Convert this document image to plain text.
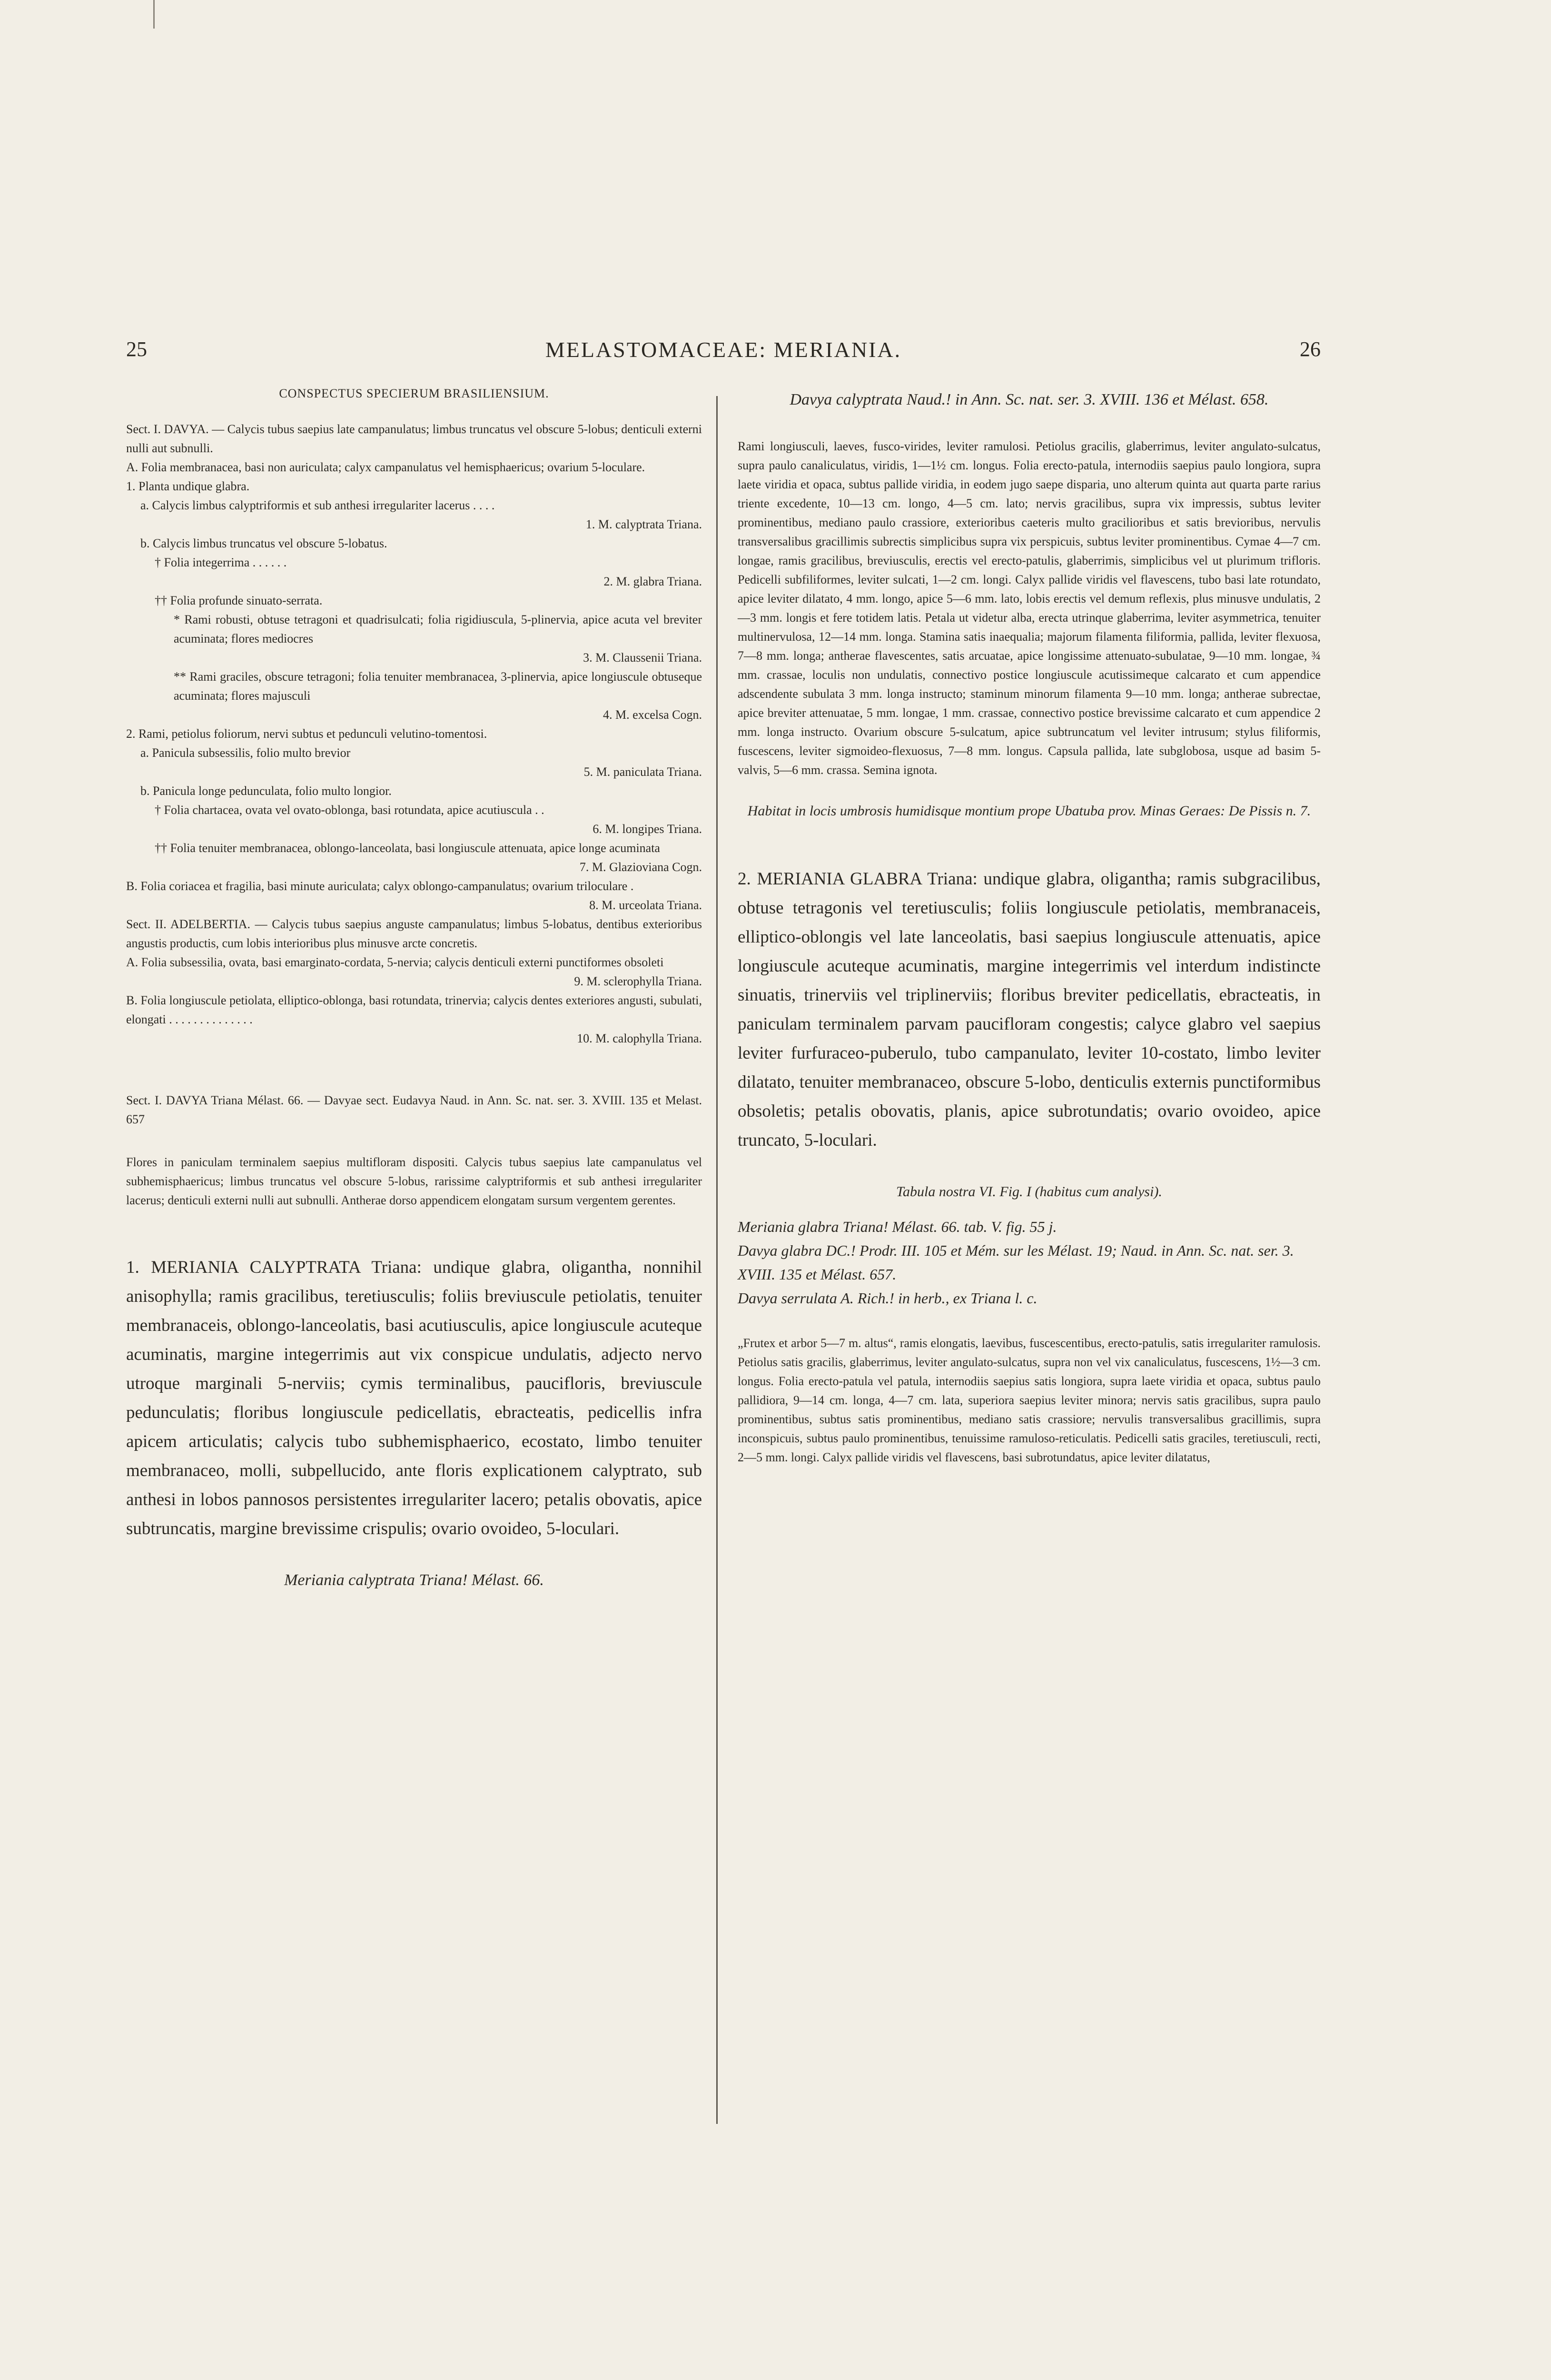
25	MELASTOMACEAE: MERIANIA.	26
CONSPECTUS SPECIERUM BRASILIENSIUM.

Sect. I. DAVYA. — Calycis tubus saepius late campanulatus; limbus truncatus vel obscure 5-lobus; denticuli externi nulli aut subnulli.

A. Folia membranacea, basi non auriculata; calyx campanulatus vel hemisphaericus; ovarium 5-loculare.
1. Planta undique glabra.
a. Calycis limbus calyptriformis et sub anthesi irregulariter lacerus . . . .
1. M. calyptrata Triana.
b. Calycis limbus truncatus vel obscure 5-lobatus.
† Folia integerrima . . . . . .
2. M. glabra Triana.
†† Folia profunde sinuato-serrata.
* Rami robusti, obtuse tetragoni et quadrisulcati; folia rigidiuscula, 5-plinervia, apice acuta vel breviter acuminata; flores mediocres
3. M. Claussenii Triana.
** Rami graciles, obscure tetragoni; folia tenuiter membranacea, 3-plinervia, apice longiuscule obtuseque acuminata; flores majusculi
4. M. excelsa Cogn.
2. Rami, petiolus foliorum, nervi subtus et pedunculi velutino-tomentosi.
a. Panicula subsessilis, folio multo brevior
5. M. paniculata Triana.
b. Panicula longe pedunculata, folio multo longior.
† Folia chartacea, ovata vel ovato-oblonga, basi rotundata, apice acutiuscula . .
6. M. longipes Triana.
†† Folia tenuiter membranacea, oblongo-lanceolata, basi longiuscule attenuata, apice longe acuminata
7. M. Glazioviana Cogn.
B. Folia coriacea et fragilia, basi minute auriculata; calyx oblongo-campanulatus; ovarium triloculare .
8. M. urceolata Triana.

Sect. II. ADELBERTIA. — Calycis tubus saepius anguste campanulatus; limbus 5-lobatus, dentibus exterioribus angustis productis, cum lobis interioribus plus minusve arcte concretis.

A. Folia subsessilia, ovata, basi emarginato-cordata, 5-nervia; calycis denticuli externi punctiformes obsoleti
9. M. sclerophylla Triana.
B. Folia longiuscule petiolata, elliptico-oblonga, basi rotundata, trinervia; calycis dentes exteriores angusti, subulati, elongati . . . . . . . . . . . . . .
10. M. calophylla Triana.

Sect. I. DAVYA Triana Mélast. 66. — Davyae sect. Eudavya Naud. in Ann. Sc. nat. ser. 3. XVIII. 135 et Melast. 657

Flores in paniculam terminalem saepius multifloram dispositi. Calycis tubus saepius late campanulatus vel subhemisphaericus; limbus truncatus vel obscure 5-lobus, rarissime calyptriformis et sub anthesi irregulariter lacerus; denticuli externi nulli aut subnulli. Antherae dorso appendicem elongatam sursum vergentem gerentes.

1. MERIANIA CALYPTRATA Triana: undique glabra, oligantha, nonnihil anisophylla; ramis gracilibus, teretiusculis; foliis breviuscule petiolatis, tenuiter membranaceis, oblongo-lanceolatis, basi acutiusculis, apice longiuscule acuteque acuminatis, margine integerrimis aut vix conspicue undulatis, adjecto nervo utroque marginali 5-nerviis; cymis terminalibus, paucifloris, breviuscule pedunculatis; floribus longiuscule pedicellatis, ebracteatis, pedicellis infra apicem articulatis; calycis tubo subhemisphaerico, ecostato, limbo tenuiter membranaceo, molli, subpellucido, ante floris explicationem calyptrato, sub anthesi in lobos pannosos persistentes irregulariter lacero; petalis obovatis, apice subtruncatis, margine brevissime crispulis; ovario ovoideo, 5-loculari.

Meriania calyptrata Triana! Mélast. 66.

Davya calyptrata Naud.! in Ann. Sc. nat. ser. 3. XVIII. 136 et Mélast. 658.

Rami longiusculi, laeves, fusco-virides, leviter ramulosi. Petiolus gracilis, glaberrimus, leviter angulato-sulcatus, supra paulo canaliculatus, viridis, 1—1½ cm. longus. Folia erecto-patula, internodiis saepius paulo longiora, supra laete viridia et opaca, subtus pallide viridia, in eodem jugo saepe disparia, uno alterum quinta aut quarta parte rarius triente excedente, 10—13 cm. longo, 4—5 cm. lato; nervis gracilibus, supra vix impressis, subtus leviter prominentibus, mediano paulo crassiore, exterioribus caeteris multo gracilioribus et satis brevioribus, nervulis transversalibus gracillimis subrectis simplicibus supra vix perspicuis, subtus leviter prominentibus. Cymae 4—7 cm. longae, ramis gracilibus, breviusculis, erectis vel erecto-patulis, glaberrimis, simplicibus vel ut plurimum trifloris. Pedicelli subfiliformes, leviter sulcati, 1—2 cm. longi. Calyx pallide viridis vel flavescens, tubo basi late rotundato, apice leviter dilatato, 4 mm. longo, apice 5—6 mm. lato, lobis erectis vel demum reflexis, plus minusve undulatis, 2—3 mm. longis et fere totidem latis. Petala ut videtur alba, erecta utrinque glaberrima, leviter asymmetrica, tenuiter multinervulosa, 12—14 mm. longa. Stamina satis inaequalia; majorum filamenta filiformia, pallida, leviter flexuosa, 7—8 mm. longa; antherae flavescentes, satis arcuatae, apice longissime attenuato-subulatae, 9—10 mm. longae, ¾ mm. crassae, loculis non undulatis, connectivo postice longiuscule acutissimeque calcarato et cum appendice adscendente subulata 3 mm. longa instructo; staminum minorum filamenta 9—10 mm. longa; antherae subrectae, apice breviter attenuatae, 5 mm. longae, 1 mm. crassae, connectivo postice brevissime calcarato et cum appendice 2 mm. longa instructo. Ovarium obscure 5-sulcatum, apice subtruncatum vel leviter intrusum; stylus filiformis, fuscescens, leviter sigmoideo-flexuosus, 7—8 mm. longus. Capsula pallida, late subglobosa, usque ad basim 5-valvis, 5—6 mm. crassa. Semina ignota.

Habitat in locis umbrosis humidisque montium prope Ubatuba prov. Minas Geraes: De Pissis n. 7.

2. MERIANIA GLABRA Triana: undique glabra, oligantha; ramis subgracilibus, obtuse tetragonis vel teretiusculis; foliis longiuscule petiolatis, membranaceis, elliptico-oblongis vel late lanceolatis, basi saepius longiuscule attenuatis, apice longiuscule acuteque acuminatis, margine integerrimis vel interdum indistincte sinuatis, trinerviis vel triplinerviis; floribus breviter pedicellatis, ebracteatis, in paniculam terminalem parvam paucifloram congestis; calyce glabro vel saepius leviter furfuraceo-puberulo, tubo campanulato, leviter 10-costato, limbo leviter dilatato, tenuiter membranaceo, obscure 5-lobo, denticulis externis punctiformibus obsoletis; petalis obovatis, planis, apice subrotundatis; ovario ovoideo, apice truncato, 5-loculari.

Tabula nostra VI. Fig. I (habitus cum analysi).

Meriania glabra Triana! Mélast. 66. tab. V. fig. 55 j.

Davya glabra DC.! Prodr. III. 105 et Mém. sur les Mélast. 19; Naud. in Ann. Sc. nat. ser. 3. XVIII. 135 et Mélast. 657.

Davya serrulata A. Rich.! in herb., ex Triana l. c.

„Frutex et arbor 5—7 m. altus“, ramis elongatis, laevibus, fuscescentibus, erecto-patulis, satis irregulariter ramulosis. Petiolus satis gracilis, glaberrimus, leviter angulato-sulcatus, supra non vel vix canaliculatus, fuscescens, 1½—3 cm. longus. Folia erecto-patula vel patula, internodiis saepius satis longiora, supra laete viridia et opaca, subtus paulo pallidiora, 9—14 cm. longa, 4—7 cm. lata, superiora saepius leviter minora; nervis satis gracilibus, supra paulo prominentibus, subtus satis prominentibus, mediano satis crassiore; nervulis transversalibus gracillimis, supra inconspicuis, subtus paulo prominentibus, tenuissime ramuloso-reticulatis. Pedicelli satis graciles, teretiusculi, recti, 2—5 mm. longi. Calyx pallide viridis vel flavescens, basi subrotundatus, apice leviter dilatatus,
